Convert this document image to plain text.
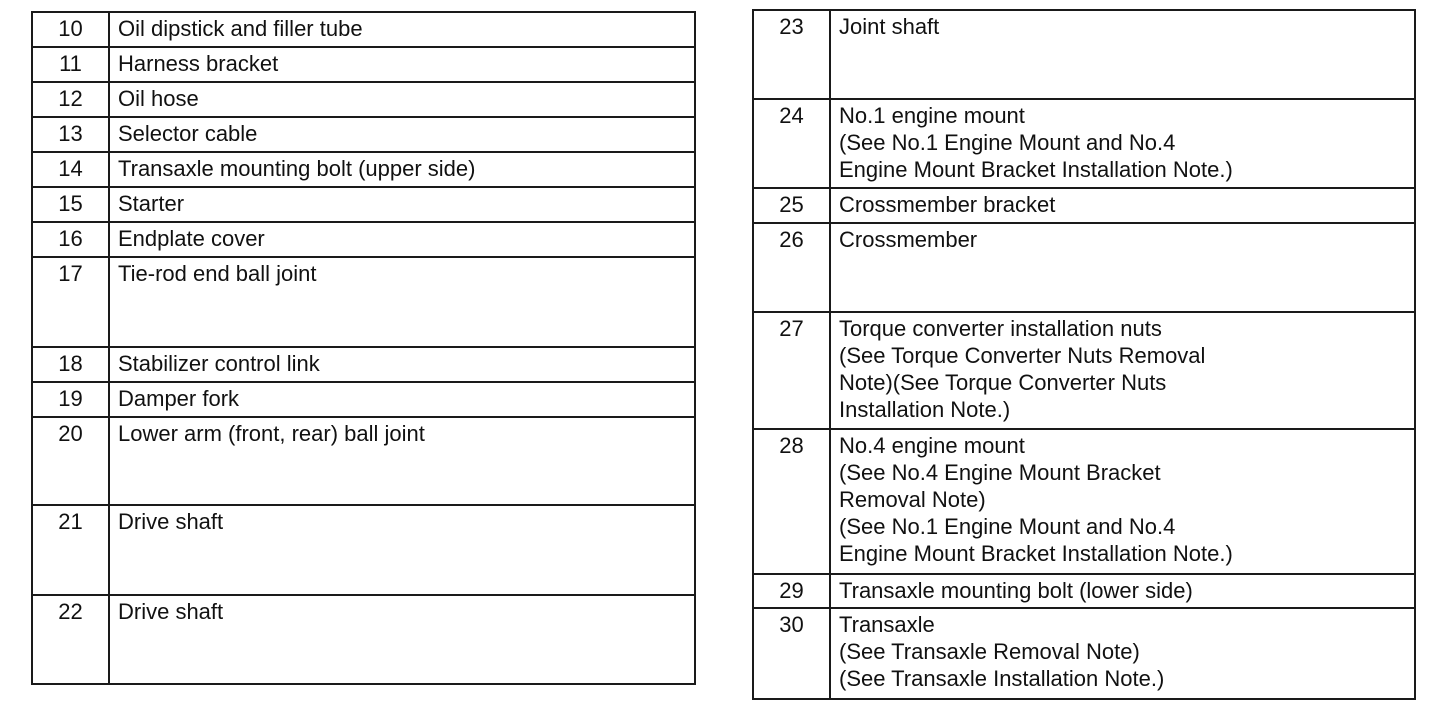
10	Oil dipstick and filler tube

11	Harness bracket

12	Oil hose

13	Selector cable

14	Transaxle mounting bolt (upper side)

15	Starter

16	Endplate cover

17	Tie-rod end ball joint

18	Stabilizer control link

19	Damper fork

20	Lower arm (front, rear) ball joint

21	Drive shaft

22	Drive shaft
23	Joint shaft

24	No.1 engine mount
(See No.1 Engine Mount and No.4
Engine Mount Bracket Installation Note.)

25	Crossmember bracket

26	Crossmember

27	Torque converter installation nuts
(See Torque Converter Nuts Removal
Note)(See Torque Converter Nuts
Installation Note.)

28	No.4 engine mount
(See No.4 Engine Mount Bracket
Removal Note)
(See No.1 Engine Mount and No.4
Engine Mount Bracket Installation Note.)

29	Transaxle mounting bolt (lower side)

30	Transaxle
(See Transaxle Removal Note)
(See Transaxle Installation Note.)
